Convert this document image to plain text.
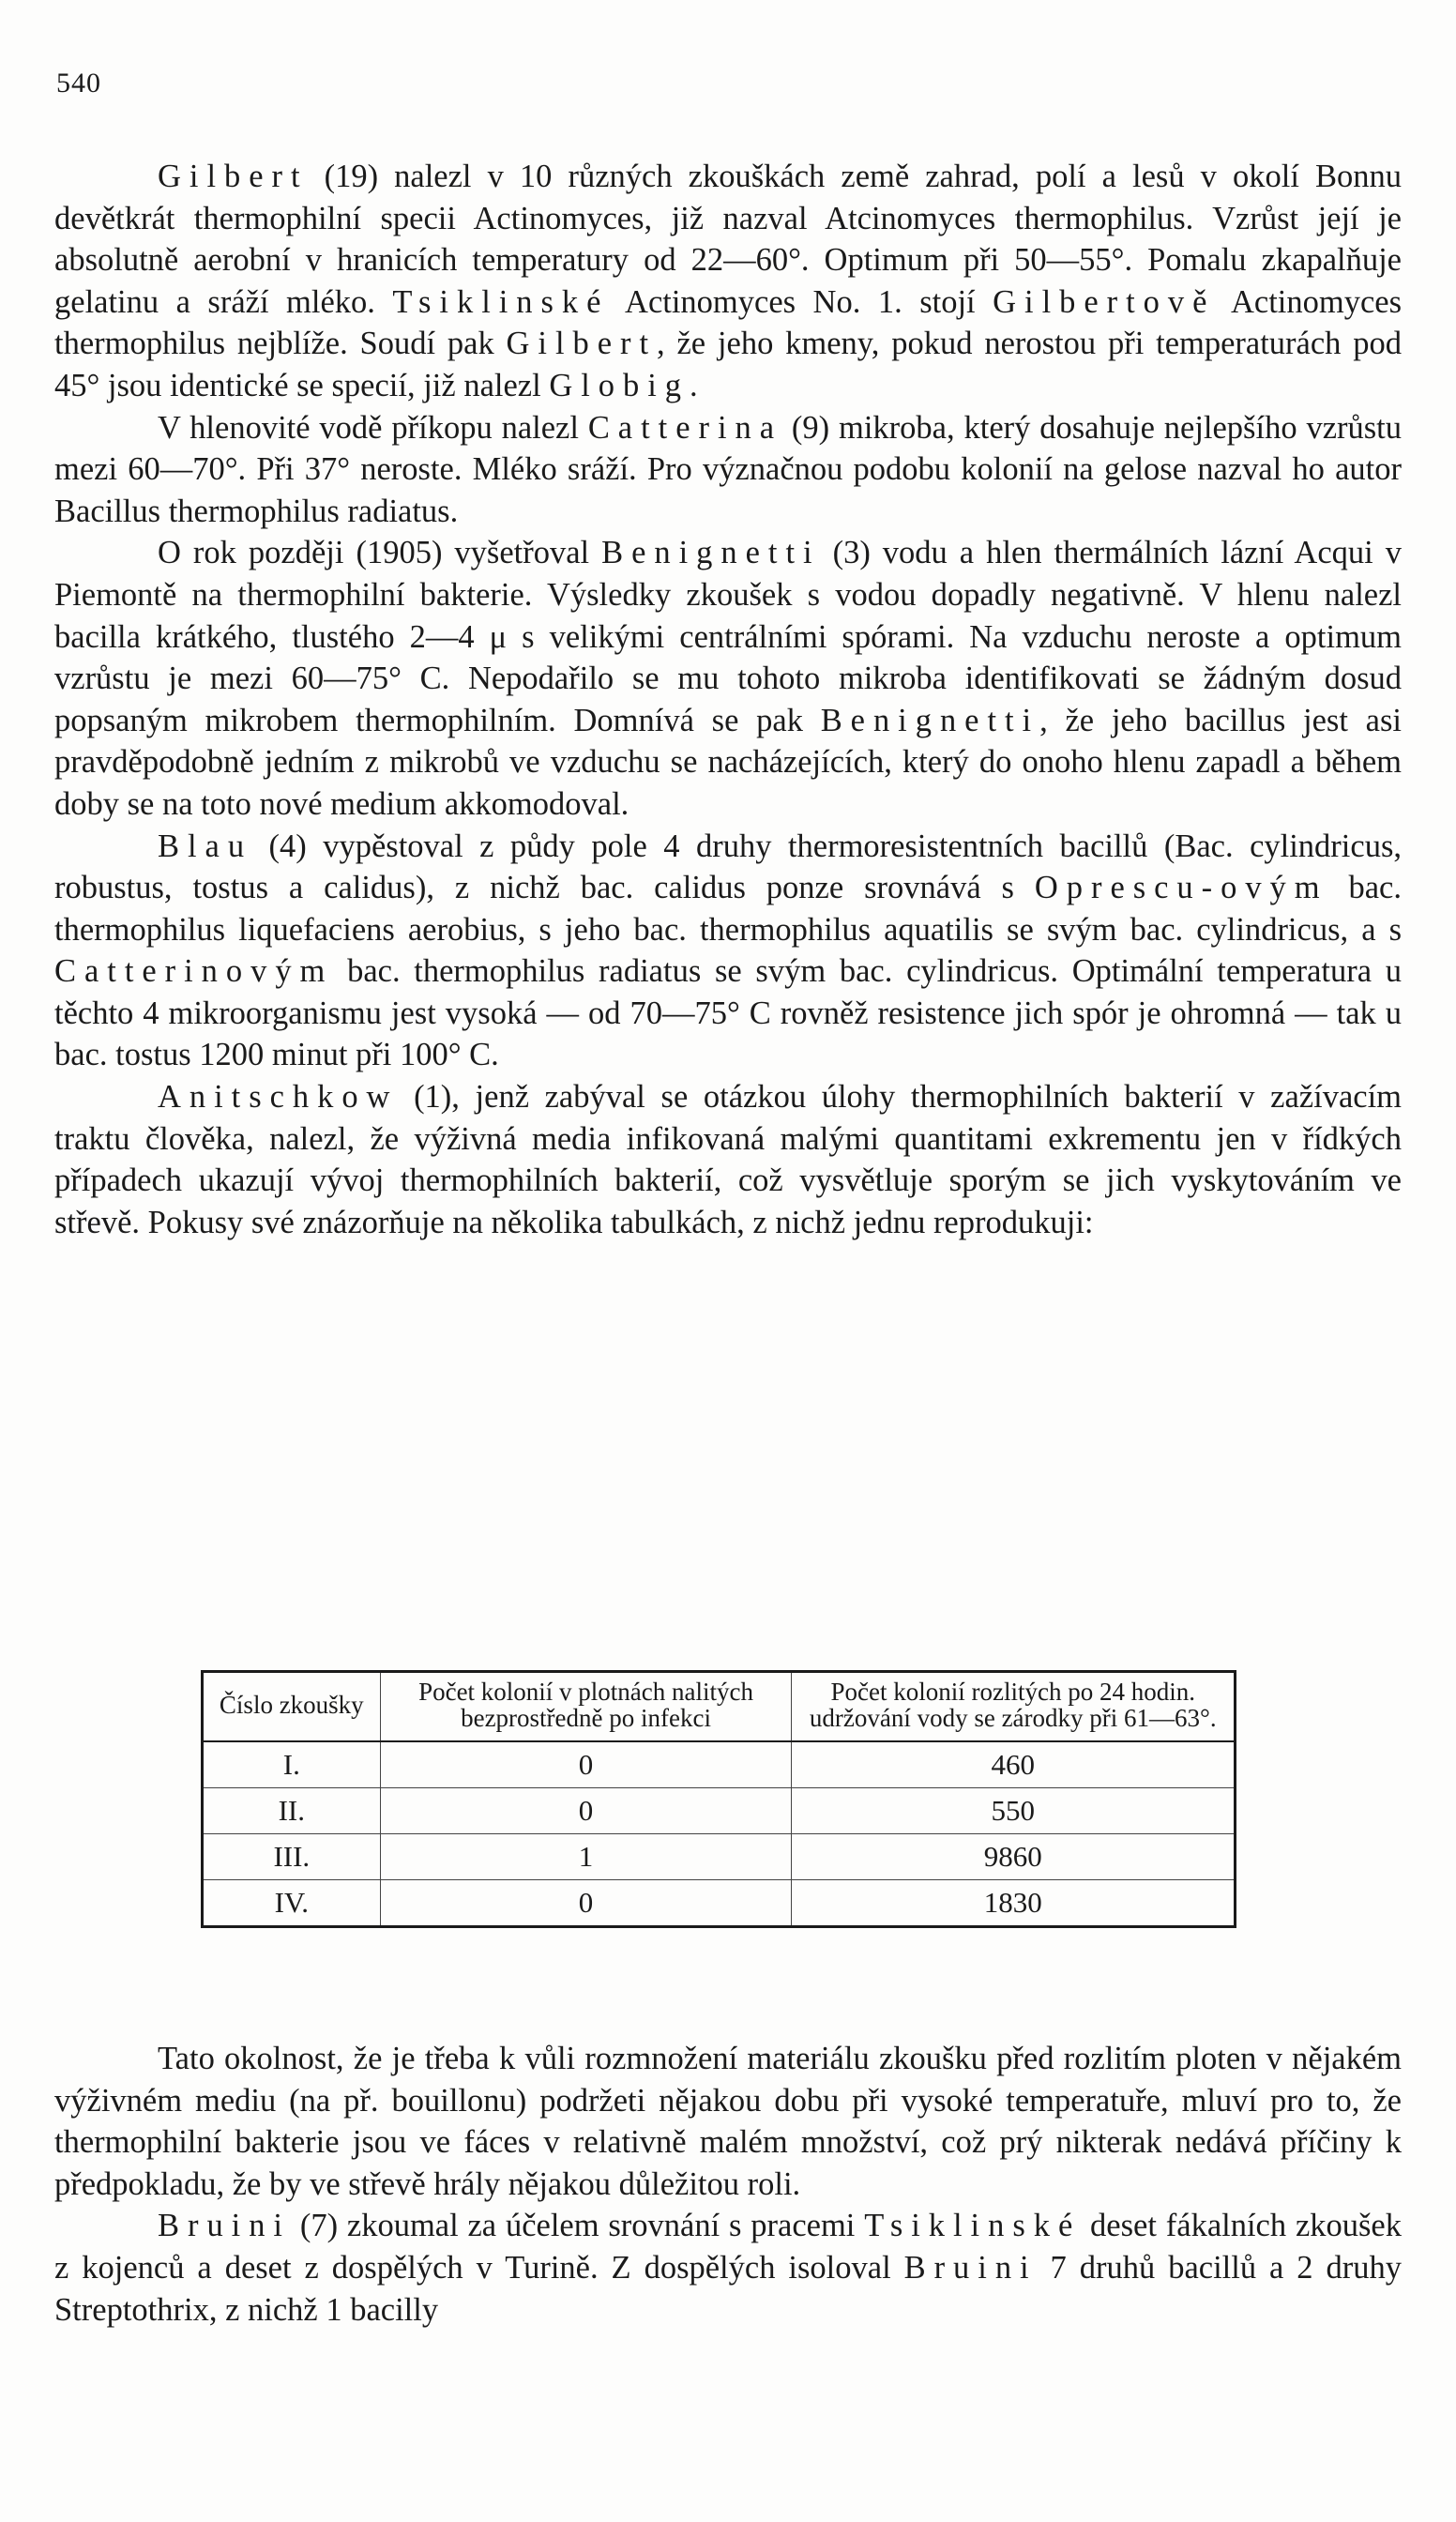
540

Gilbert (19) nalezl v 10 různých zkouškách země zahrad, polí a lesů v okolí Bonnu devětkrát thermophilní specii Actinomyces, již nazval Atcinomyces thermophilus. Vzrůst její je absolutně aerobní v hranicích temperatury od 22—60°. Optimum při 50—55°. Pomalu zkapalňuje gelatinu a sráží mléko. Tsiklinské Actinomyces No. 1. stojí Gilbertově Actinomyces thermophilus nejblíže. Soudí pak Gilbert, že jeho kmeny, pokud nerostou při temperaturách pod 45° jsou identické se specií, již nalezl Globig.

V hlenovité vodě příkopu nalezl Catterina (9) mikroba, který dosahuje nejlepšího vzrůstu mezi 60—70°. Při 37° neroste. Mléko sráží. Pro význačnou podobu kolonií na gelose nazval ho autor Bacillus thermophilus radiatus.

O rok později (1905) vyšetřoval Benignetti (3) vodu a hlen thermálních lázní Acqui v Piemontě na thermophilní bakterie. Výsledky zkoušek s vodou dopadly negativně. V hlenu nalezl bacilla krátkého, tlustého 2—4 μ s velikými centrálními spórami. Na vzduchu neroste a optimum vzrůstu je mezi 60—75° C. Nepodařilo se mu tohoto mikroba identifikovati se žádným dosud popsaným mikrobem thermophilním. Domnívá se pak Benignetti, že jeho bacillus jest asi pravděpodobně jedním z mikrobů ve vzduchu se nacházejících, který do onoho hlenu zapadl a během doby se na toto nové medium akkomodoval.

Blau (4) vypěstoval z půdy pole 4 druhy thermoresistentních bacillů (Bac. cylindricus, robustus, tostus a calidus), z nichž bac. calidus ponze srovnává s Oprescu-ovým bac. thermophilus liquefaciens aerobius, s jeho bac. thermophilus aquatilis se svým bac. cylindricus, a s Catterinovým bac. thermophilus radiatus se svým bac. cylindricus. Optimální temperatura u těchto 4 mikroorganismu jest vysoká — od 70—75° C rovněž resistence jich spór je ohromná — tak u bac. tostus 1200 minut při 100° C.

Anitschkow (1), jenž zabýval se otázkou úlohy thermophilních bakterií v zažívacím traktu člověka, nalezl, že výživná media infikovaná malými quantitami exkrementu jen v řídkých případech ukazují vývoj thermophilních bakterií, což vysvětluje sporým se jich vyskytováním ve střevě. Pokusy své znázorňuje na několika tabulkách, z nichž jednu reprodukuji:

Číslo zkoušky	Počet kolonií v plotnách nalitých bezprostředně po infekci	Počet kolonií rozlitých po 24 hodin. udržování vody se zárodky při 61—63°.
I.	0	460
II.	0	550
III.	1	9860
IV.	0	1830

Tato okolnost, že je třeba k vůli rozmnožení materiálu zkoušku před rozlitím ploten v nějakém výživném mediu (na př. bouillonu) podržeti nějakou dobu při vysoké temperatuře, mluví pro to, že thermophilní bakterie jsou ve fáces v relativně malém množství, což prý nikterak nedává příčiny k předpokladu, že by ve střevě hrály nějakou důležitou roli.

Bruini (7) zkoumal za účelem srovnání s pracemi Tsiklinské deset fákalních zkoušek z kojenců a deset z dospělých v Turině. Z dospělých isoloval Bruini 7 druhů bacillů a 2 druhy Streptothrix, z nichž 1 bacilly
